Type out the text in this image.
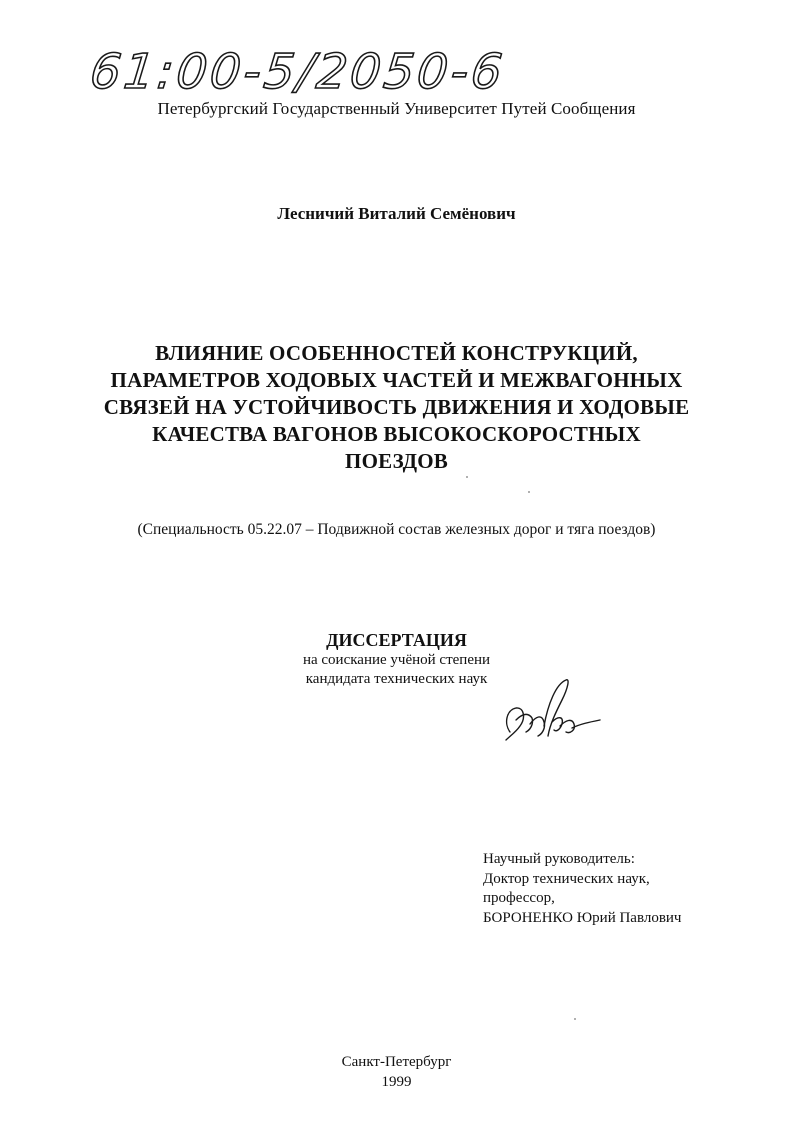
61:00-5/2050-6
Петербургский Государственный Университет Путей Сообщения
Лесничий Виталий Семёнович
ВЛИЯНИЕ ОСОБЕННОСТЕЙ КОНСТРУКЦИЙ,
ПАРАМЕТРОВ ХОДОВЫХ ЧАСТЕЙ И МЕЖВАГОННЫХ
СВЯЗЕЙ НА УСТОЙЧИВОСТЬ ДВИЖЕНИЯ И ХОДОВЫЕ
КАЧЕСТВА ВАГОНОВ ВЫСОКОСКОРОСТНЫХ
ПОЕЗДОВ
(Специальность 05.22.07 – Подвижной состав железных дорог и тяга поездов)
ДИССЕРТАЦИЯ
на соискание учёной степени
кандидата технических наук
Научный руководитель:
Доктор технических наук,
профессор,
БОРОНЕНКО Юрий Павлович
Санкт-Петербург
1999
